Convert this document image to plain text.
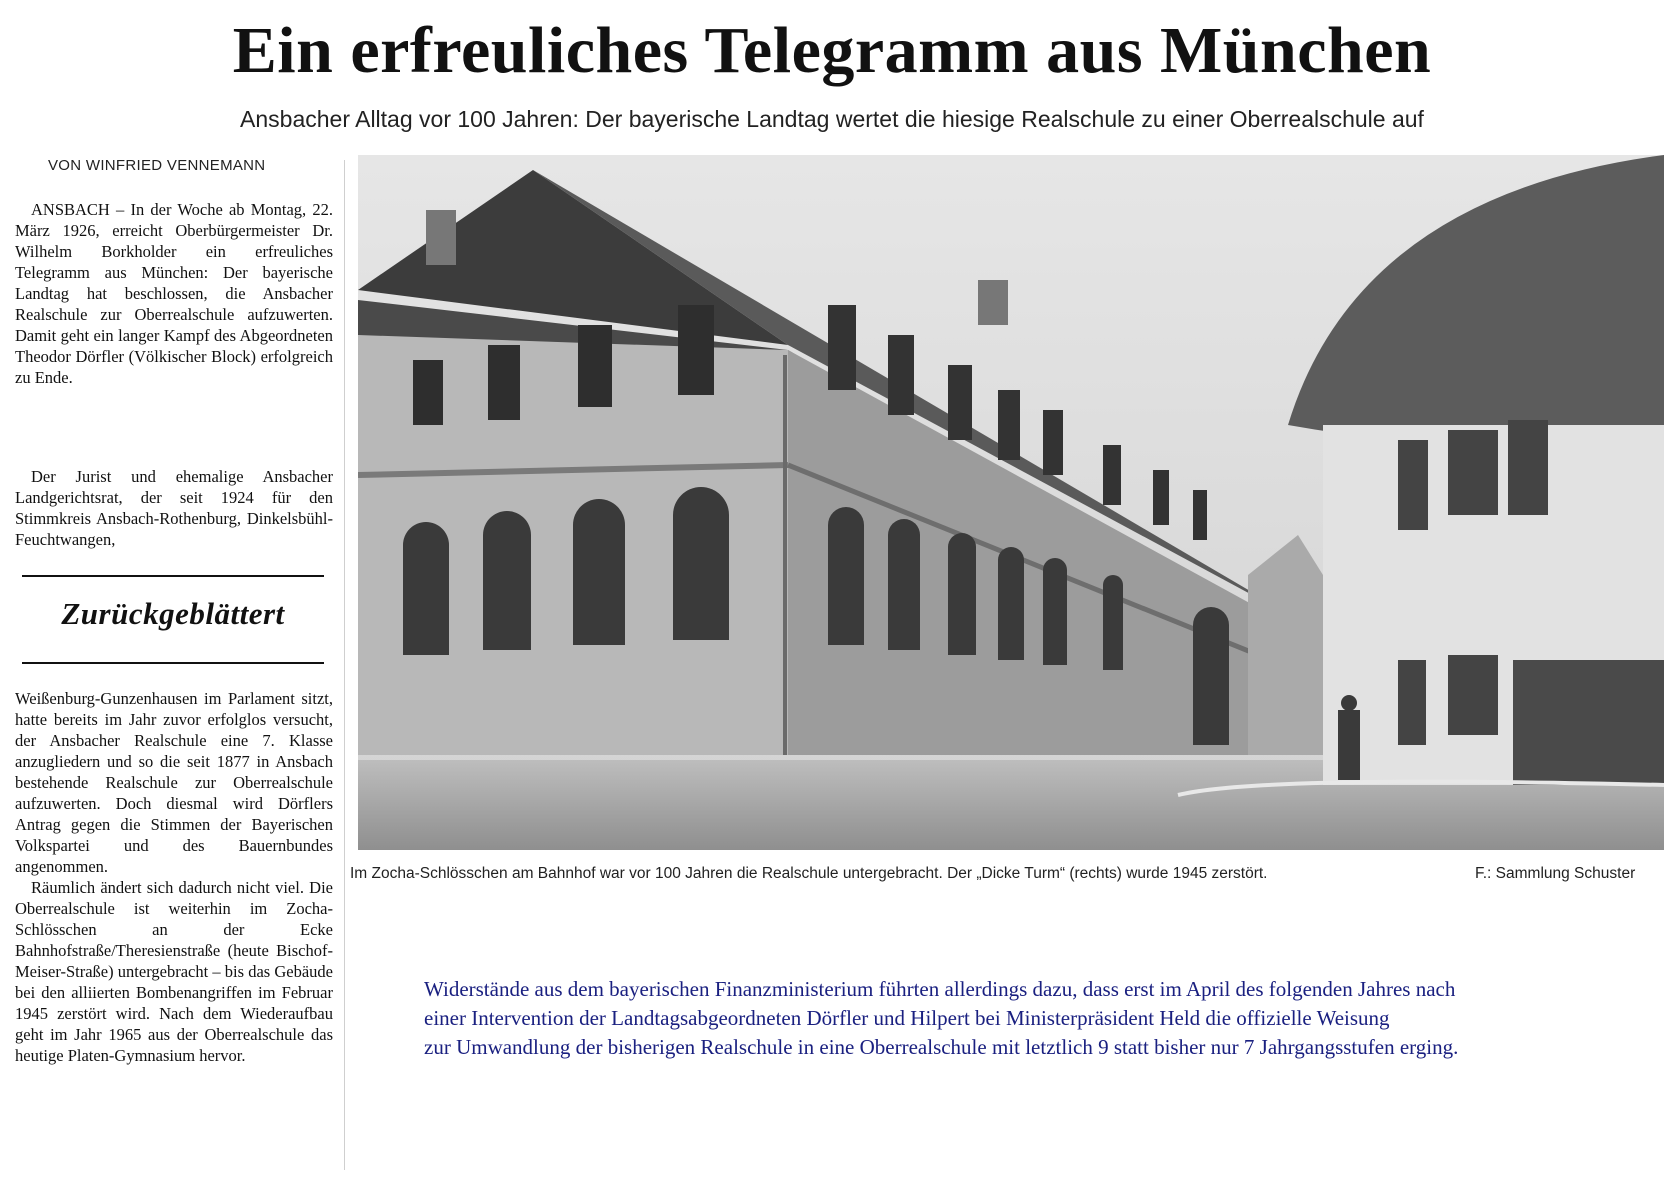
Ein erfreuliches Telegramm aus München
Ansbacher Alltag vor 100 Jahren: Der bayerische Landtag wertet die hiesige Realschule zu einer Oberrealschule auf
VON WINFRIED VENNEMANN

ANSBACH – In der Woche ab Montag, 22. März 1926, erreicht Oberbürgermeister Dr. Wilhelm Borkholder ein erfreuliches Telegramm aus München: Der bayerische Landtag hat beschlossen, die Ansbacher Realschule zur Oberrealschule aufzuwerten. Damit geht ein langer Kampf des Abgeordneten Theodor Dörfler (Völkischer Block) erfolgreich zu Ende.

Der Jurist und ehemalige Ansbacher Landgerichtsrat, der seit 1924 für den Stimmkreis Ansbach-Rothenburg, Dinkelsbühl-Feuchtwangen,

Zurückgeblättert

Weißenburg-Gunzenhausen im Parlament sitzt, hatte bereits im Jahr zuvor erfolglos versucht, der Ansbacher Realschule eine 7. Klasse anzugliedern und so die seit 1877 in Ansbach bestehende Realschule zur Oberrealschule aufzuwerten. Doch diesmal wird Dörflers Antrag gegen die Stimmen der Bayerischen Volkspartei und des Bauernbundes angenommen.

Räumlich ändert sich dadurch nicht viel. Die Oberrealschule ist weiterhin im Zocha-Schlösschen an der Ecke Bahnhofstraße/Theresienstraße (heute Bischof-Meiser-Straße) untergebracht – bis das Gebäude bei den alliierten Bombenangriffen im Februar 1945 zerstört wird. Nach dem Wiederaufbau geht im Jahr 1965 aus der Oberrealschule das heutige Platen-Gymnasium hervor.

Im Zocha-Schlösschen am Bahnhof war vor 100 Jahren die Realschule untergebracht. Der „Dicke Turm“ (rechts) wurde 1945 zerstört.	F.: Sammlung Schuster
Widerstände aus dem bayerischen Finanzministerium führten allerdings dazu, dass erst im April des folgenden Jahres nach
einer Intervention der Landtagsabgeordneten Dörfler und Hilpert bei Ministerpräsident Held die offizielle Weisung
zur Umwandlung der bisherigen Realschule in eine Oberrealschule mit letztlich 9 statt bisher nur 7 Jahrgangsstufen erging.
